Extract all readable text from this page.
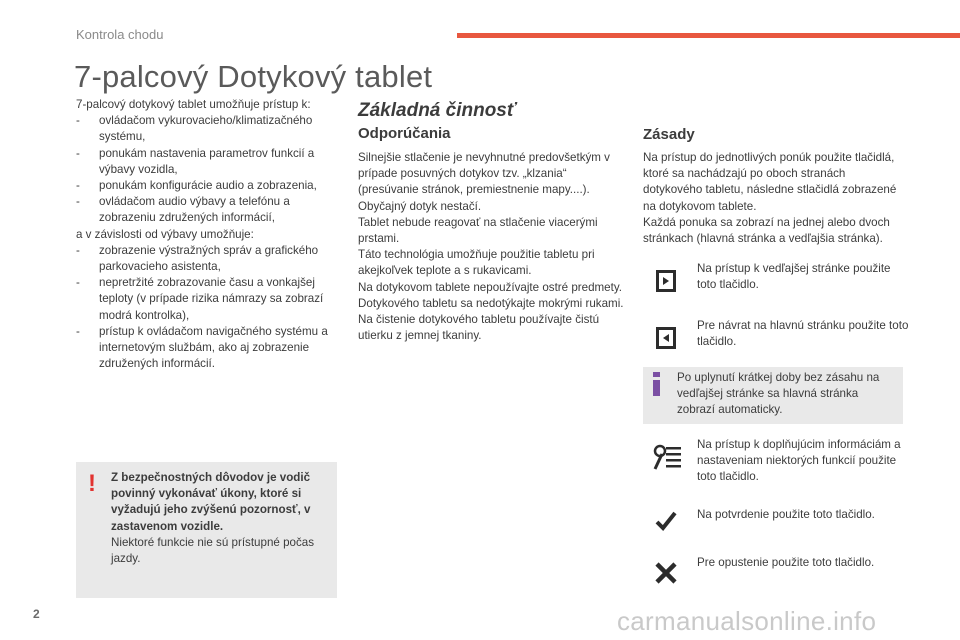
Kontrola chodu
7-palcový Dotykový tablet

7-palcový dotykový tablet umožňuje prístup k:

- ovládačom vykurovacieho/klimatizačného systému,
- ponukám nastavenia parametrov funkcií a výbavy vozidla,
- ponukám konfigurácie audio a zobrazenia,
- ovládačom audio výbavy a telefónu a zobrazeniu združených informácií,

a v závislosti od výbavy umožňuje:

- zobrazenie výstražných správ a grafického parkovacieho asistenta,
- nepretržité zobrazovanie času a vonkajšej teploty (v prípade rizika námrazy sa zobrazí modrá kontrolka),
- prístup k ovládačom navigačného systému a internetovým službám, ako aj zobrazenie združených informácií.
! Z bezpečnostných dôvodov je vodič povinný vykonávať úkony, ktoré si vyžadujú jeho zvýšenú pozornosť, v zastavenom vozidle.

Niektoré funkcie nie sú prístupné počas jazdy.

Základná činnosť
Odporúčania

Silnejšie stlačenie je nevyhnutné predovšetkým v prípade posuvných dotykov tzv. „klzania“ (presúvanie stránok, premiestnenie mapy....). Obyčajný dotyk nestačí.

Tablet nebude reagovať na stlačenie viacerými prstami.

Táto technológia umožňuje použitie tabletu pri akejkoľvek teplote a s rukavicami.

Na dotykovom tablete nepoužívajte ostré predmety.

Dotykového tabletu sa nedotýkajte mokrými rukami.

Na čistenie dotykového tabletu používajte čistú utierku z jemnej tkaniny.

Zásady

Na prístup do jednotlivých ponúk použite tlačidlá, ktoré sa nachádzajú po oboch stranách dotykového tabletu, následne stlačidlá zobrazené na dotykovom tablete.

Každá ponuka sa zobrazí na jednej alebo dvoch stránkach (hlavná stránka a vedľajšia stránka).

Na prístup k vedľajšej stránke použite toto tlačidlo.
Pre návrat na hlavnú stránku použite toto tlačidlo.
Po uplynutí krátkej doby bez zásahu na vedľajšej stránke sa hlavná stránka zobrazí automaticky.
Na prístup k doplňujúcim informáciám a nastaveniam niektorých funkcií použite toto tlačidlo.
Na potvrdenie použite toto tlačidlo.
Pre opustenie použite toto tlačidlo.
2	carmanualsonline.info
